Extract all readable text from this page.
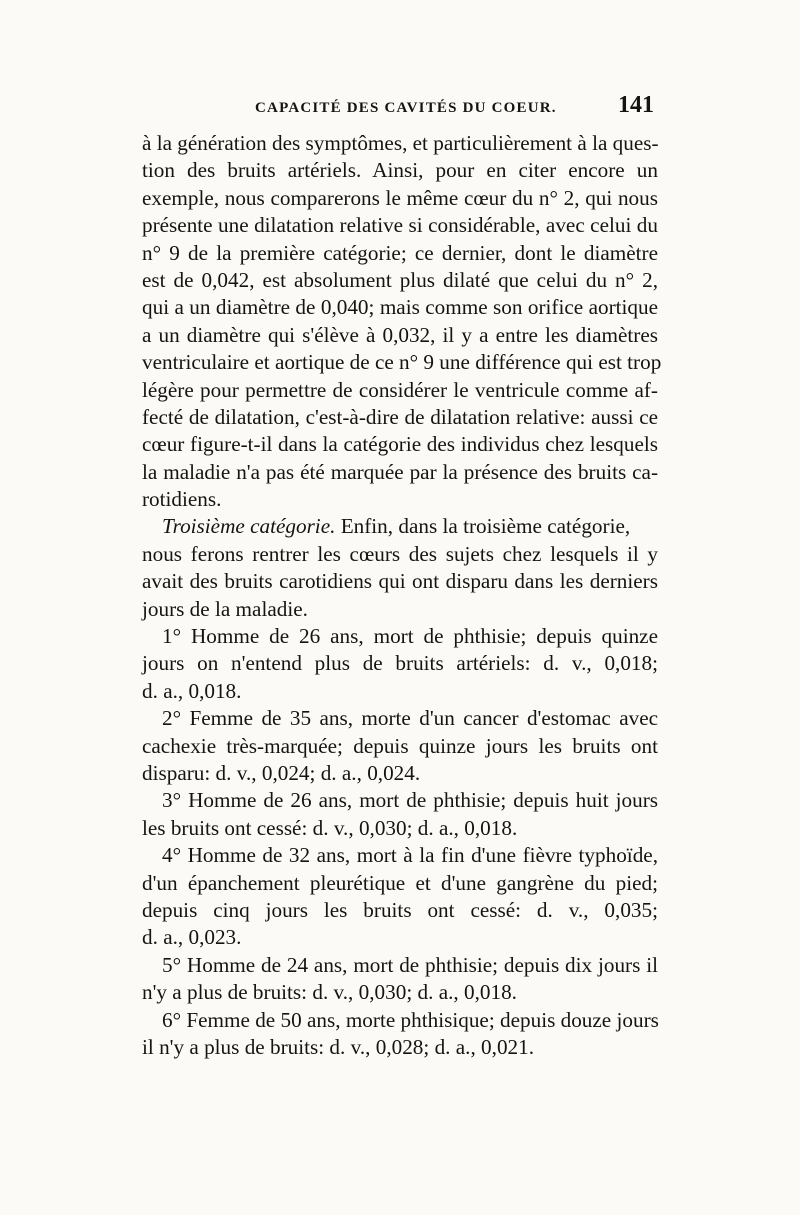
CAPACITÉ DES CAVITÉS DU COEUR.	141
à la génération des symptômes, et particulièrement à la ques-
tion des bruits artériels. Ainsi, pour en citer encore un
exemple, nous comparerons le même cœur du n° 2, qui nous
présente une dilatation relative si considérable, avec celui du
n° 9 de la première catégorie; ce dernier, dont le diamètre
est de 0,042, est absolument plus dilaté que celui du n° 2,
qui a un diamètre de 0,040; mais comme son orifice aortique
a un diamètre qui s'élève à 0,032, il y a entre les diamètres
ventriculaire et aortique de ce n° 9 une différence qui est trop
légère pour permettre de considérer le ventricule comme af-
fecté de dilatation, c'est-à-dire de dilatation relative: aussi ce
cœur figure-t-il dans la catégorie des individus chez lesquels
la maladie n'a pas été marquée par la présence des bruits ca-
rotidiens.
Troisième catégorie. Enfin, dans la troisième catégorie,
nous ferons rentrer les cœurs des sujets chez lesquels il y
avait des bruits carotidiens qui ont disparu dans les derniers
jours de la maladie.
1° Homme de 26 ans, mort de phthisie; depuis quinze
jours on n'entend plus de bruits artériels: d. v., 0,018;
d. a., 0,018.
2° Femme de 35 ans, morte d'un cancer d'estomac avec
cachexie très-marquée; depuis quinze jours les bruits ont
disparu: d. v., 0,024; d. a., 0,024.
3° Homme de 26 ans, mort de phthisie; depuis huit jours
les bruits ont cessé: d. v., 0,030; d. a., 0,018.
4° Homme de 32 ans, mort à la fin d'une fièvre typhoïde,
d'un épanchement pleurétique et d'une gangrène du pied;
depuis cinq jours les bruits ont cessé: d. v., 0,035;
d. a., 0,023.
5° Homme de 24 ans, mort de phthisie; depuis dix jours il
n'y a plus de bruits: d. v., 0,030; d. a., 0,018.
6° Femme de 50 ans, morte phthisique; depuis douze jours
il n'y a plus de bruits: d. v., 0,028; d. a., 0,021.
